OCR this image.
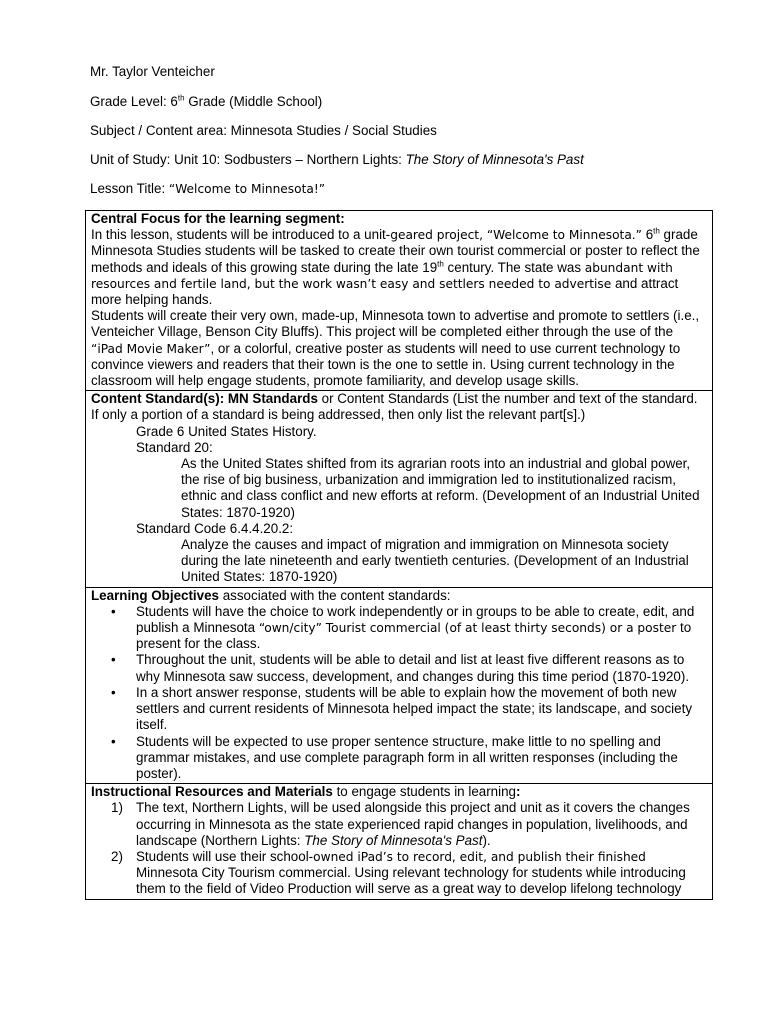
Mr. Taylor Venteicher
Grade Level: 6th Grade (Middle School)
Subject / Content area: Minnesota Studies / Social Studies
Unit of Study: Unit 10: Sodbusters – Northern Lights: The Story of Minnesota's Past
Lesson Title: “Welcome to Minnesota!”
Central Focus for the learning segment:
In this lesson, students will be introduced to a unit-geared project, “Welcome to Minnesota.” 6th grade Minnesota Studies students will be tasked to create their own tourist commercial or poster to reflect the methods and ideals of this growing state during the late 19th century. The state was abundant with resources and fertile land, but the work wasn’t easy and settlers needed to advertise and attract more helping hands.
Students will create their very own, made-up, Minnesota town to advertise and promote to settlers (i.e., Venteicher Village, Benson City Bluffs). This project will be completed either through the use of the “iPad Movie Maker”, or a colorful, creative poster as students will need to use current technology to convince viewers and readers that their town is the one to settle in. Using current technology in the classroom will help engage students, promote familiarity, and develop usage skills.

Content Standard(s): MN Standards or Content Standards (List the number and text of the standard. If only a portion of a standard is being addressed, then only list the relevant part[s].)
Grade 6 United States History.
Standard 20:
As the United States shifted from its agrarian roots into an industrial and global power, the rise of big business, urbanization and immigration led to institutionalized racism, ethnic and class conflict and new efforts at reform. (Development of an Industrial United States: 1870-1920)
Standard Code 6.4.4.20.2:
Analyze the causes and impact of migration and immigration on Minnesota society during the late nineteenth and early twentieth centuries. (Development of an Industrial United States: 1870-1920)

Learning Objectives associated with the content standards:
• Students will have the choice to work independently or in groups to be able to create, edit, and publish a Minnesota “own/city” Tourist commercial (of at least thirty seconds) or a poster to present for the class.
• Throughout the unit, students will be able to detail and list at least five different reasons as to why Minnesota saw success, development, and changes during this time period (1870-1920).
• In a short answer response, students will be able to explain how the movement of both new settlers and current residents of Minnesota helped impact the state; its landscape, and society itself.
• Students will be expected to use proper sentence structure, make little to no spelling and grammar mistakes, and use complete paragraph form in all written responses (including the poster).

Instructional Resources and Materials to engage students in learning:
1) The text, Northern Lights, will be used alongside this project and unit as it covers the changes occurring in Minnesota as the state experienced rapid changes in population, livelihoods, and landscape (Northern Lights: The Story of Minnesota's Past).
2) Students will use their school-owned iPad’s to record, edit, and publish their finished Minnesota City Tourism commercial. Using relevant technology for students while introducing them to the field of Video Production will serve as a great way to develop lifelong technology
